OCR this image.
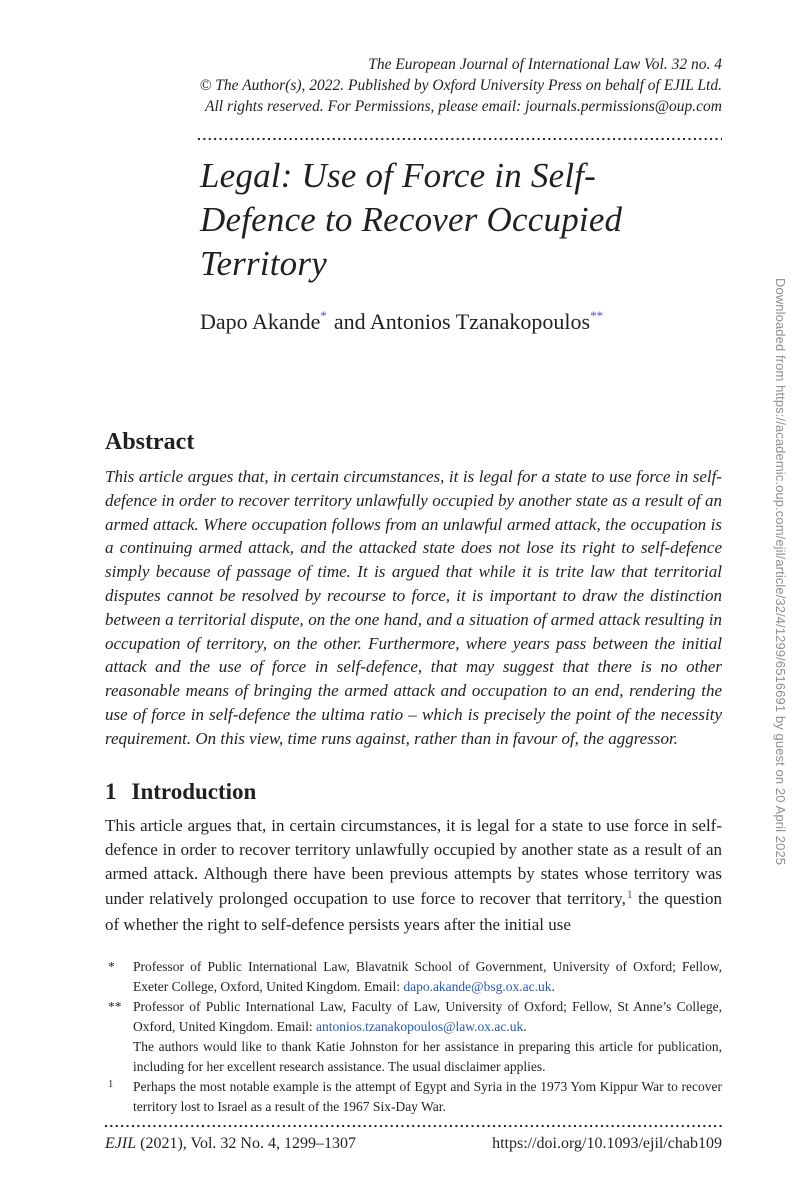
Downloaded from https://academic.oup.com/ejil/article/32/4/1299/6516691 by guest on 20 April 2025
The European Journal of International Law Vol. 32 no. 4
© The Author(s), 2022. Published by Oxford University Press on behalf of EJIL Ltd.
All rights reserved. For Permissions, please email: journals.permissions@oup.com
Legal: Use of Force in Self-Defence to Recover Occupied Territory
Dapo Akande* and Antonios Tzanakopoulos**
Abstract

This article argues that, in certain circumstances, it is legal for a state to use force in self-defence in order to recover territory unlawfully occupied by another state as a result of an armed attack. Where occupation follows from an unlawful armed attack, the occupation is a continuing armed attack, and the attacked state does not lose its right to self-defence simply because of passage of time. It is argued that while it is trite law that territorial disputes cannot be resolved by recourse to force, it is important to draw the distinction between a territorial dispute, on the one hand, and a situation of armed attack resulting in occupation of territory, on the other. Furthermore, where years pass between the initial attack and the use of force in self-defence, that may suggest that there is no other reasonable means of bringing the armed attack and occupation to an end, rendering the use of force in self-defence the ultima ratio – which is precisely the point of the necessity requirement. On this view, time runs against, rather than in favour of, the aggressor.

1 Introduction

This article argues that, in certain circumstances, it is legal for a state to use force in self-defence in order to recover territory unlawfully occupied by another state as a result of an armed attack. Although there have been previous attempts by states whose territory was under relatively prolonged occupation to use force to recover that territory,$^1$ the question of whether the right to self-defence persists years after the initial use

* Professor of Public International Law, Blavatnik School of Government, University of Oxford; Fellow, Exeter College, Oxford, United Kingdom. Email: dapo.akande@bsg.ox.ac.uk.
** Professor of Public International Law, Faculty of Law, University of Oxford; Fellow, St Anne’s College, Oxford, United Kingdom. Email: antonios.tzanakopoulos@law.ox.ac.uk.
The authors would like to thank Katie Johnston for her assistance in preparing this article for publication, including for her excellent research assistance. The usual disclaimer applies.
1 Perhaps the most notable example is the attempt of Egypt and Syria in the 1973 Yom Kippur War to recover territory lost to Israel as a result of the 1967 Six-Day War.
EJIL (2021), Vol. 32 No. 4, 1299–1307	https://doi.org/10.1093/ejil/chab109
